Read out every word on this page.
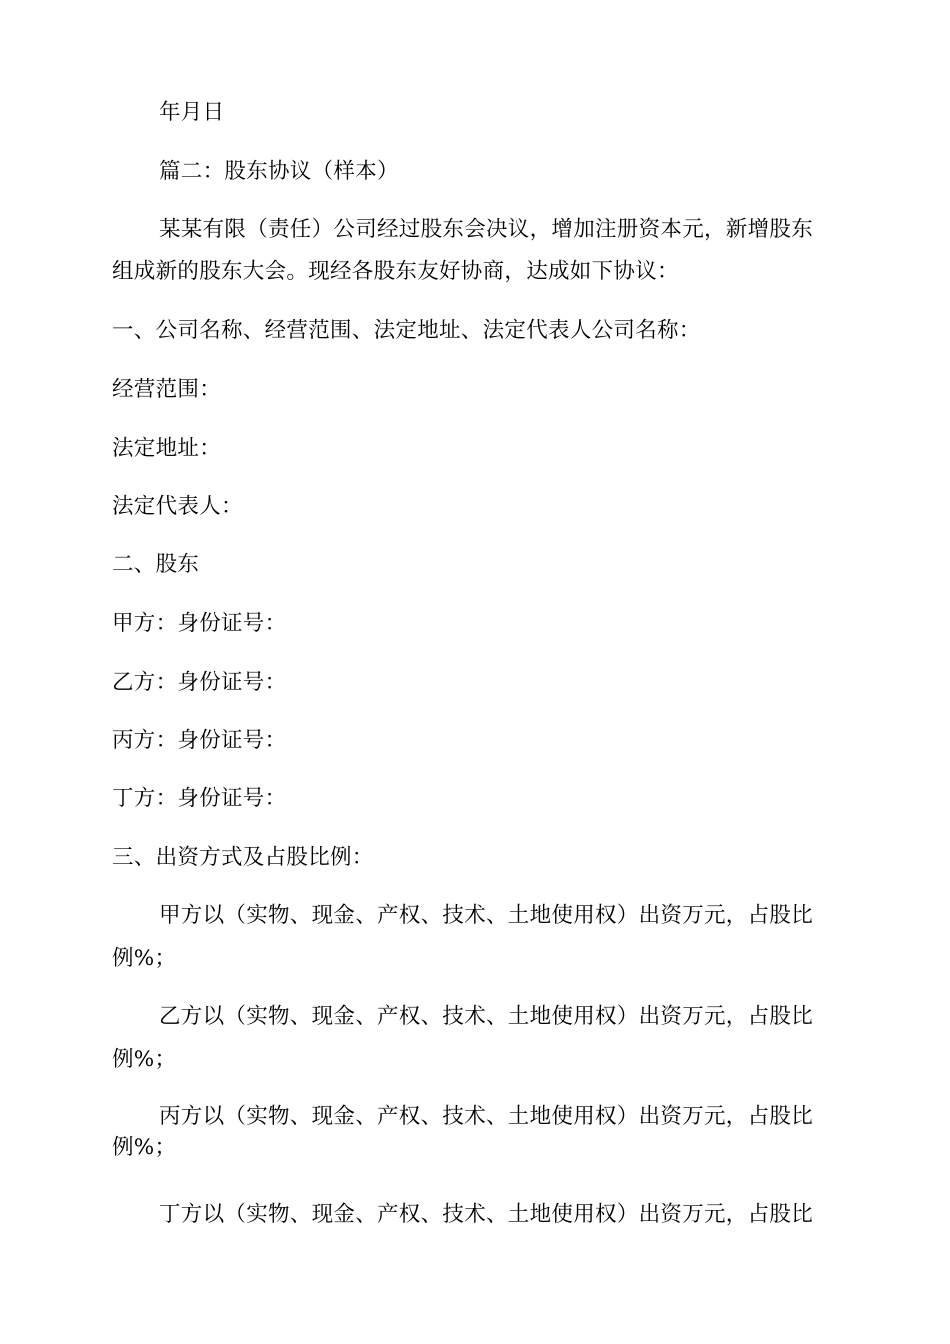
年月日
篇二：股东协议（样本）
某某有限（责任）公司经过股东会决议，增加注册资本元，新增股东
组成新的股东大会。现经各股东友好协商，达成如下协议：
一、公司名称、经营范围、法定地址、法定代表人公司名称：
经营范围：
法定地址：
法定代表人：
二、股东
甲方：身份证号：
乙方：身份证号：
丙方：身份证号：
丁方：身份证号：
三、出资方式及占股比例：
甲方以（实物、现金、产权、技术、土地使用权）出资万元，占股比
例%；
乙方以（实物、现金、产权、技术、土地使用权）出资万元，占股比
例%；
丙方以（实物、现金、产权、技术、土地使用权）出资万元，占股比
例%；
丁方以（实物、现金、产权、技术、土地使用权）出资万元，占股比
